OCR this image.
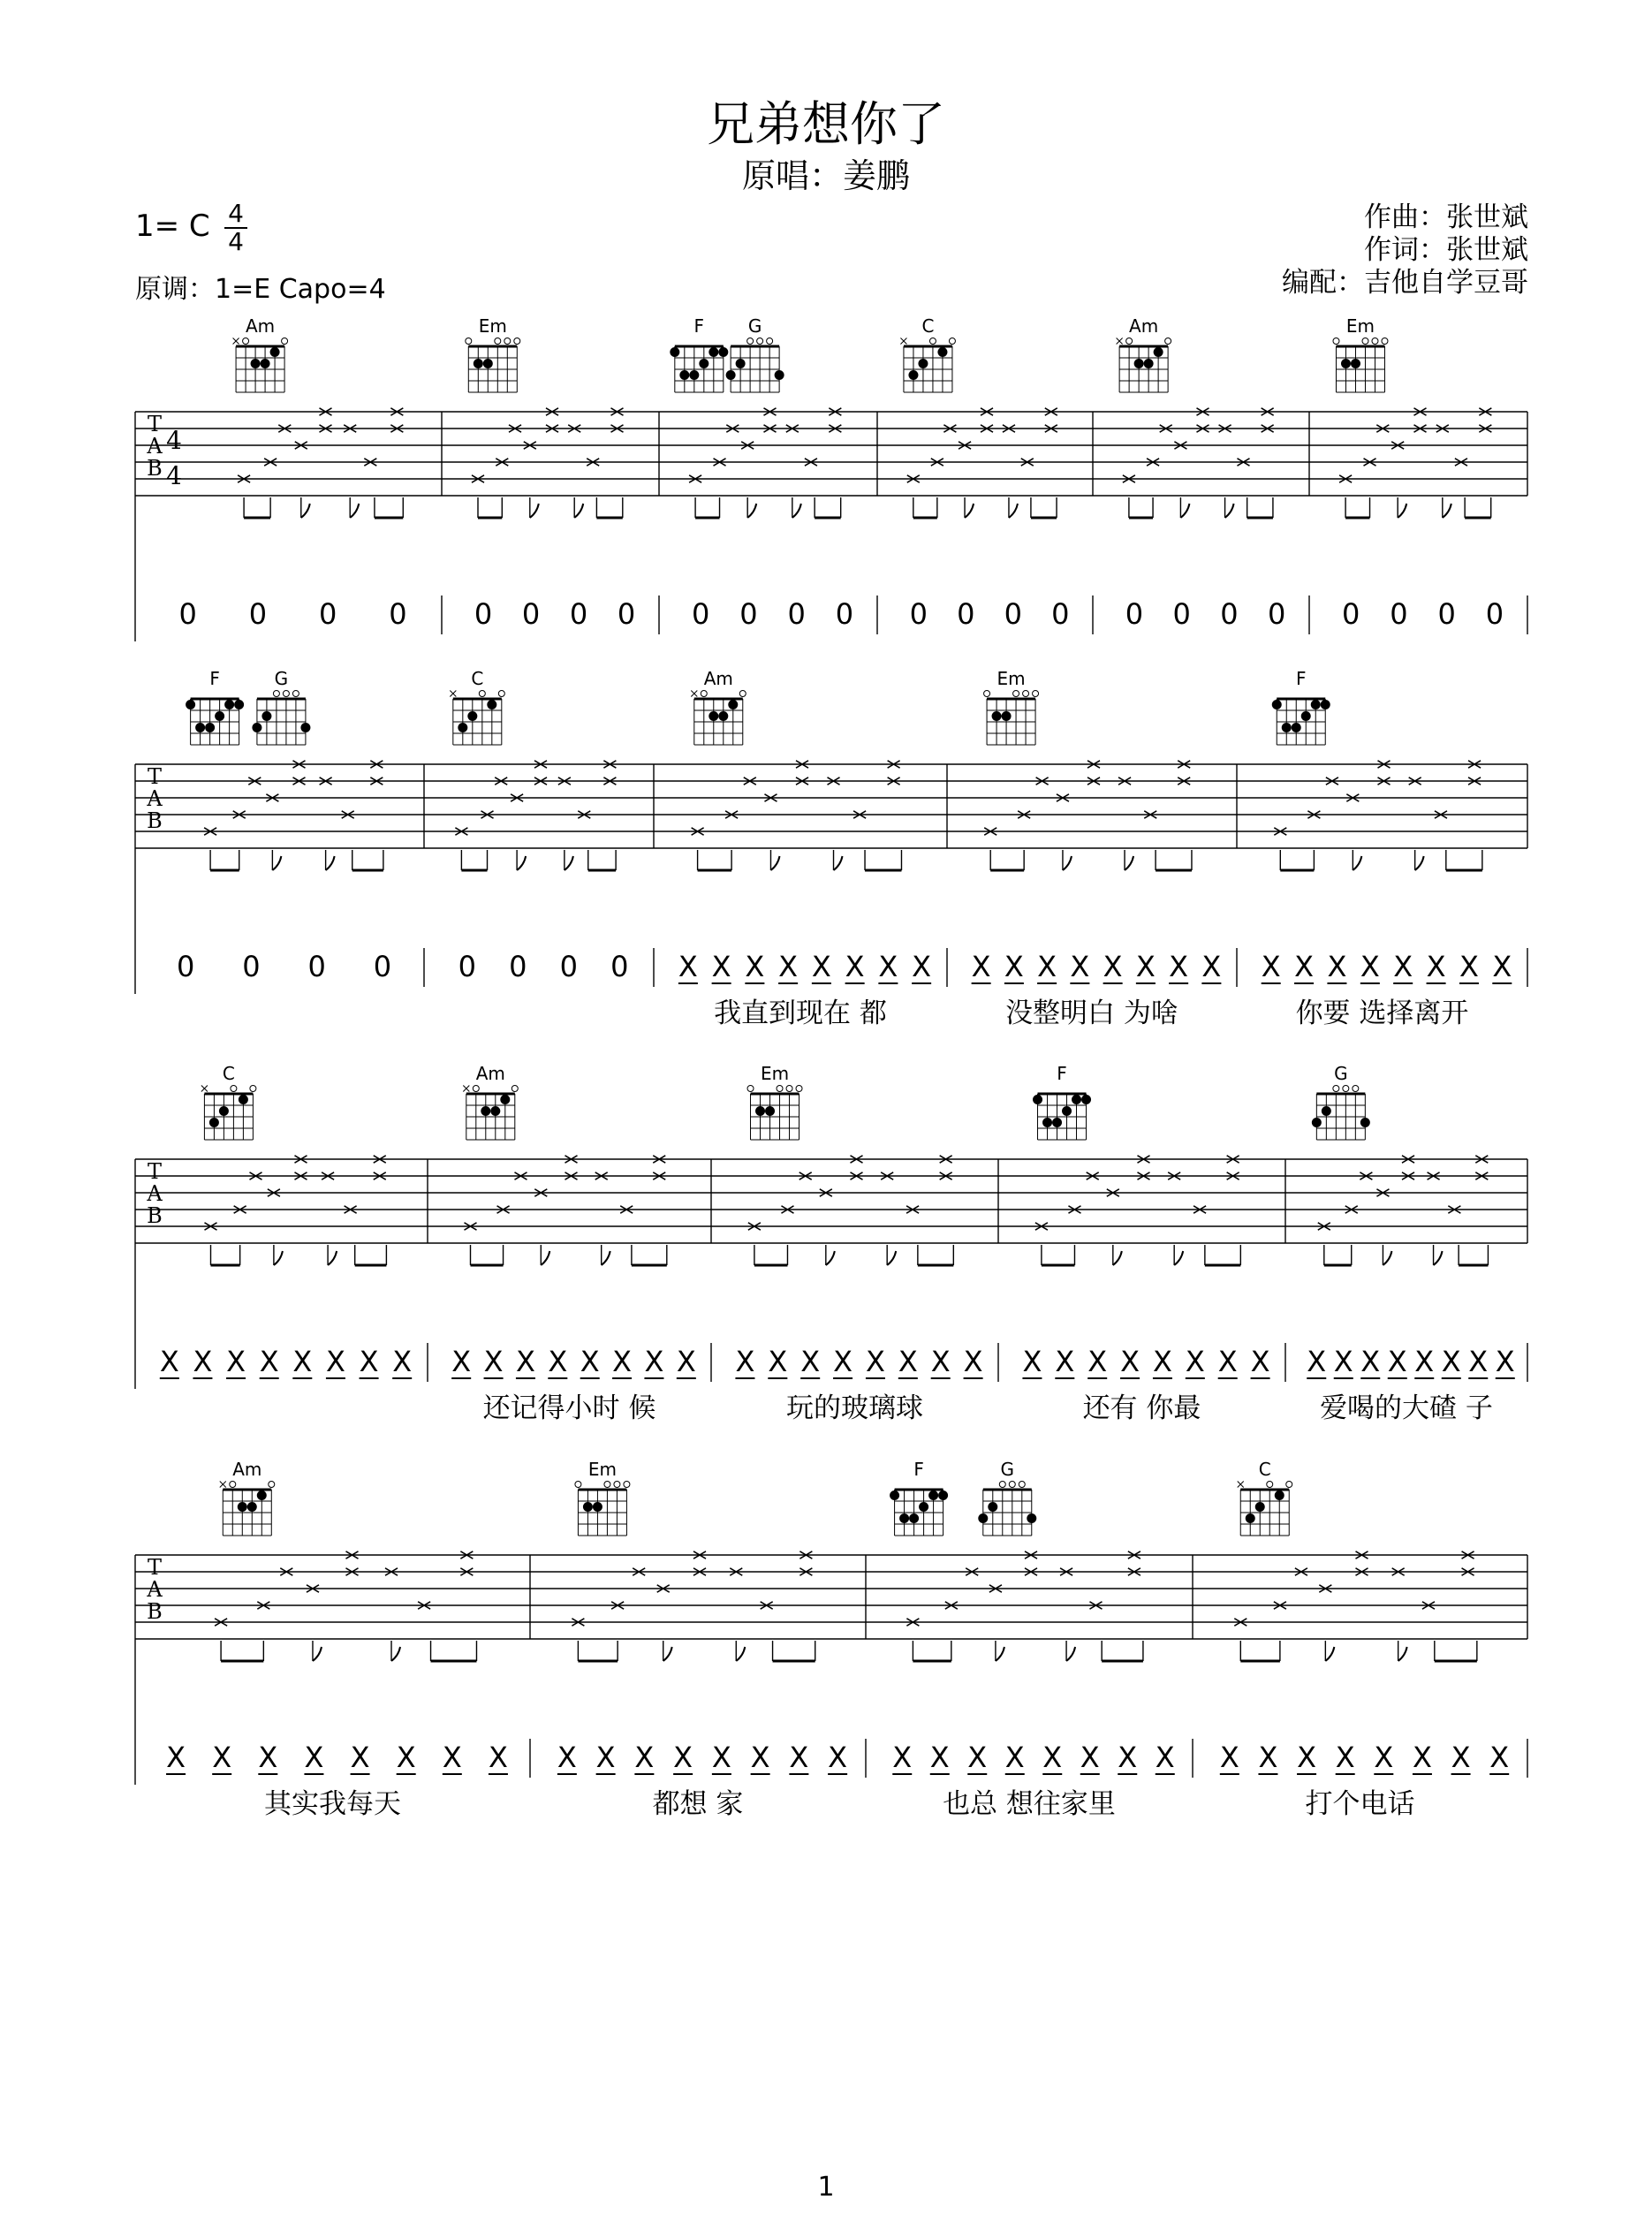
兄弟想你了
原唱：姜鹏
1= C 4
4
原调：1=E Capo=4
作曲：张世斌
作词：张世斌
编配：吉他自学豆哥
T
A
B
4
4
Am
0 0 0 0
Em
0 0 0 0
F G
0 0 0 0
C
0 0 0 0
Am
0 0 0 0
Em
0 0 0 0
T
A
B
F	G
0 0 0 0
C
0 0 0 0
Am
X X X X X X X X
我直到现在 都
Em
X X X X X X X X
没整明白 为啥
F
X X X X X X X X
你要 选择离开
T
A
B
C
X X X X X X X X
Am
X X X X X X X X
还记得小时 候
Em
X X X X X X X X
玩的玻璃球
F
X X X X X X X X
还有 你最
G
X X X X X X X X
爱喝的大碴 子
T
A
B
Am
X X X X X X X X
其实我每天
Em
X X X X X X X X
都想 家
F	G
X X X X X X X X
也总 想往家里
C
X X X X X X X X
打个电话
1
